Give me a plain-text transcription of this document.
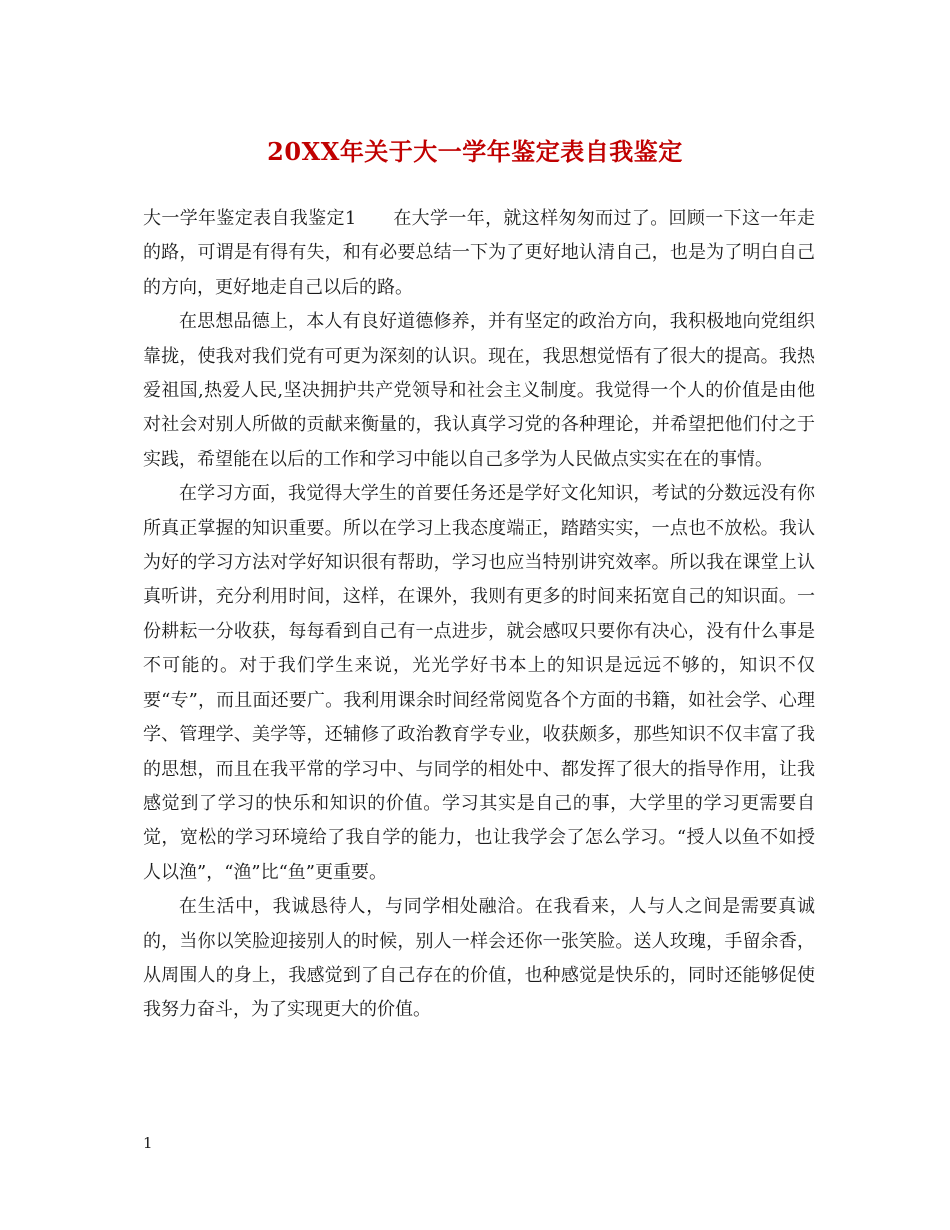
20XX年关于大一学年鉴定表自我鉴定

大一学年鉴定表自我鉴定1　　在大学一年，就这样匆匆而过了。回顾一下这一年走的路，可谓是有得有失，和有必要总结一下为了更好地认清自己，也是为了明白自己的方向，更好地走自己以后的路。

在思想品德上，本人有良好道德修养，并有坚定的政治方向，我积极地向党组织靠拢，使我对我们党有可更为深刻的认识。现在，我思想觉悟有了很大的提高。我热爱祖国,热爱人民,坚决拥护共产党领导和社会主义制度。我觉得一个人的价值是由他对社会对别人所做的贡献来衡量的，我认真学习党的各种理论，并希望把他们付之于实践，希望能在以后的工作和学习中能以自己多学为人民做点实实在在的事情。

在学习方面，我觉得大学生的首要任务还是学好文化知识，考试的分数远没有你所真正掌握的知识重要。所以在学习上我态度端正，踏踏实实，一点也不放松。我认为好的学习方法对学好知识很有帮助，学习也应当特别讲究效率。所以我在课堂上认真听讲，充分利用时间，这样，在课外，我则有更多的时间来拓宽自己的知识面。一份耕耘一分收获，每每看到自己有一点进步，就会感叹只要你有决心，没有什么事是不可能的。对于我们学生来说，光光学好书本上的知识是远远不够的，知识不仅要“专”，而且面还要广。我利用课余时间经常阅览各个方面的书籍，如社会学、心理学、管理学、美学等，还辅修了政治教育学专业，收获颇多，那些知识不仅丰富了我的思想，而且在我平常的学习中、与同学的相处中、都发挥了很大的指导作用，让我感觉到了学习的快乐和知识的价值。学习其实是自己的事，大学里的学习更需要自觉，宽松的学习环境给了我自学的能力，也让我学会了怎么学习。“授人以鱼不如授人以渔”，“渔”比“鱼”更重要。

在生活中，我诚恳待人，与同学相处融洽。在我看来，人与人之间是需要真诚的，当你以笑脸迎接别人的时候，别人一样会还你一张笑脸。送人玫瑰，手留余香，从周围人的身上，我感觉到了自己存在的价值，也种感觉是快乐的，同时还能够促使我努力奋斗，为了实现更大的价值。

1
